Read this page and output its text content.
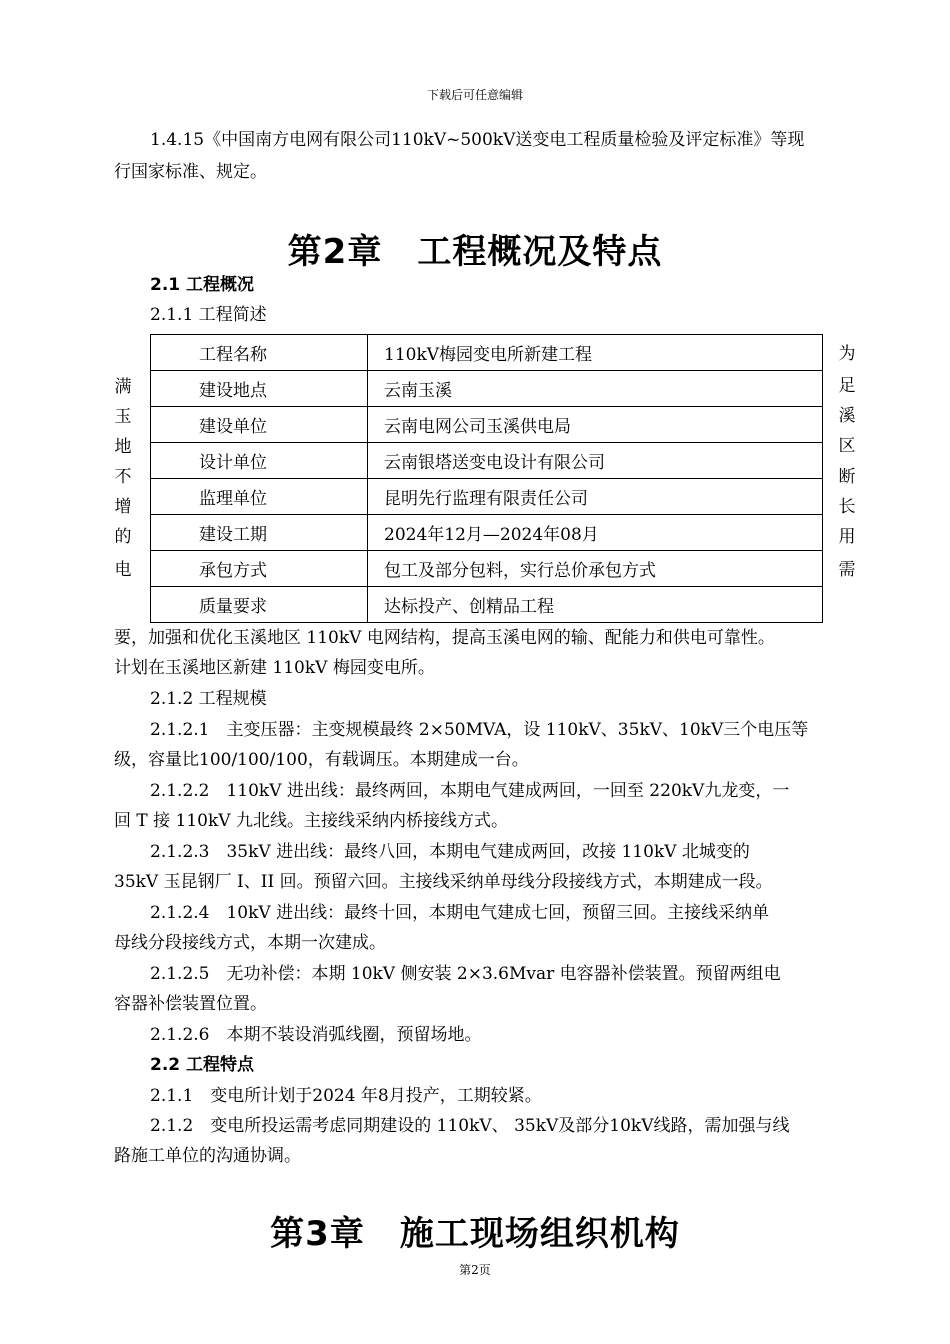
下载后可任意编辑
1.4.15《中国南方电网有限公司110kV~500kV送变电工程质量检验及评定标准》等现
行国家标准、规定。
第2章　工程概况及特点
2.1 工程概况
2.1.1 工程简述
满
玉
地
不
增
的
电
为
足
溪
区
断
长
用
需
工程名称	110kV梅园变电所新建工程
建设地点	云南玉溪
建设单位	云南电网公司玉溪供电局
设计单位	云南银塔送变电设计有限公司
监理单位	昆明先行监理有限责任公司
建设工期	2024年12月—2024年08月
承包方式	包工及部分包料，实行总价承包方式
质量要求	达标投产、创精品工程
要，加强和优化玉溪地区 110kV 电网结构，提高玉溪电网的输、配能力和供电可靠性。
计划在玉溪地区新建 110kV 梅园变电所。
2.1.2 工程规模
2.1.2.1　主变压器：主变规模最终 2×50MVA，设 110kV、35kV、10kV三个电压等
级，容量比100/100/100，有载调压。本期建成一台。
2.1.2.2　110kV 进出线：最终两回，本期电气建成两回，一回至 220kV九龙变，一
回 T 接 110kV 九北线。主接线采纳内桥接线方式。
2.1.2.3　35kV 进出线：最终八回，本期电气建成两回，改接 110kV 北城变的
35kV 玉昆钢厂 I、II 回。预留六回。主接线采纳单母线分段接线方式，本期建成一段。
2.1.2.4　10kV 进出线：最终十回，本期电气建成七回，预留三回。主接线采纳单
母线分段接线方式，本期一次建成。
2.1.2.5　无功补偿：本期 10kV 侧安装 2×3.6Mvar 电容器补偿装置。预留两组电
容器补偿装置位置。
2.1.2.6　本期不装设消弧线圈，预留场地。
2.2 工程特点
2.1.1　变电所计划于2024 年8月投产，工期较紧。
2.1.2　变电所投运需考虑同期建设的 110kV、 35kV及部分10kV线路，需加强与线
路施工单位的沟通协调。
第3章　施工现场组织机构
第2页
